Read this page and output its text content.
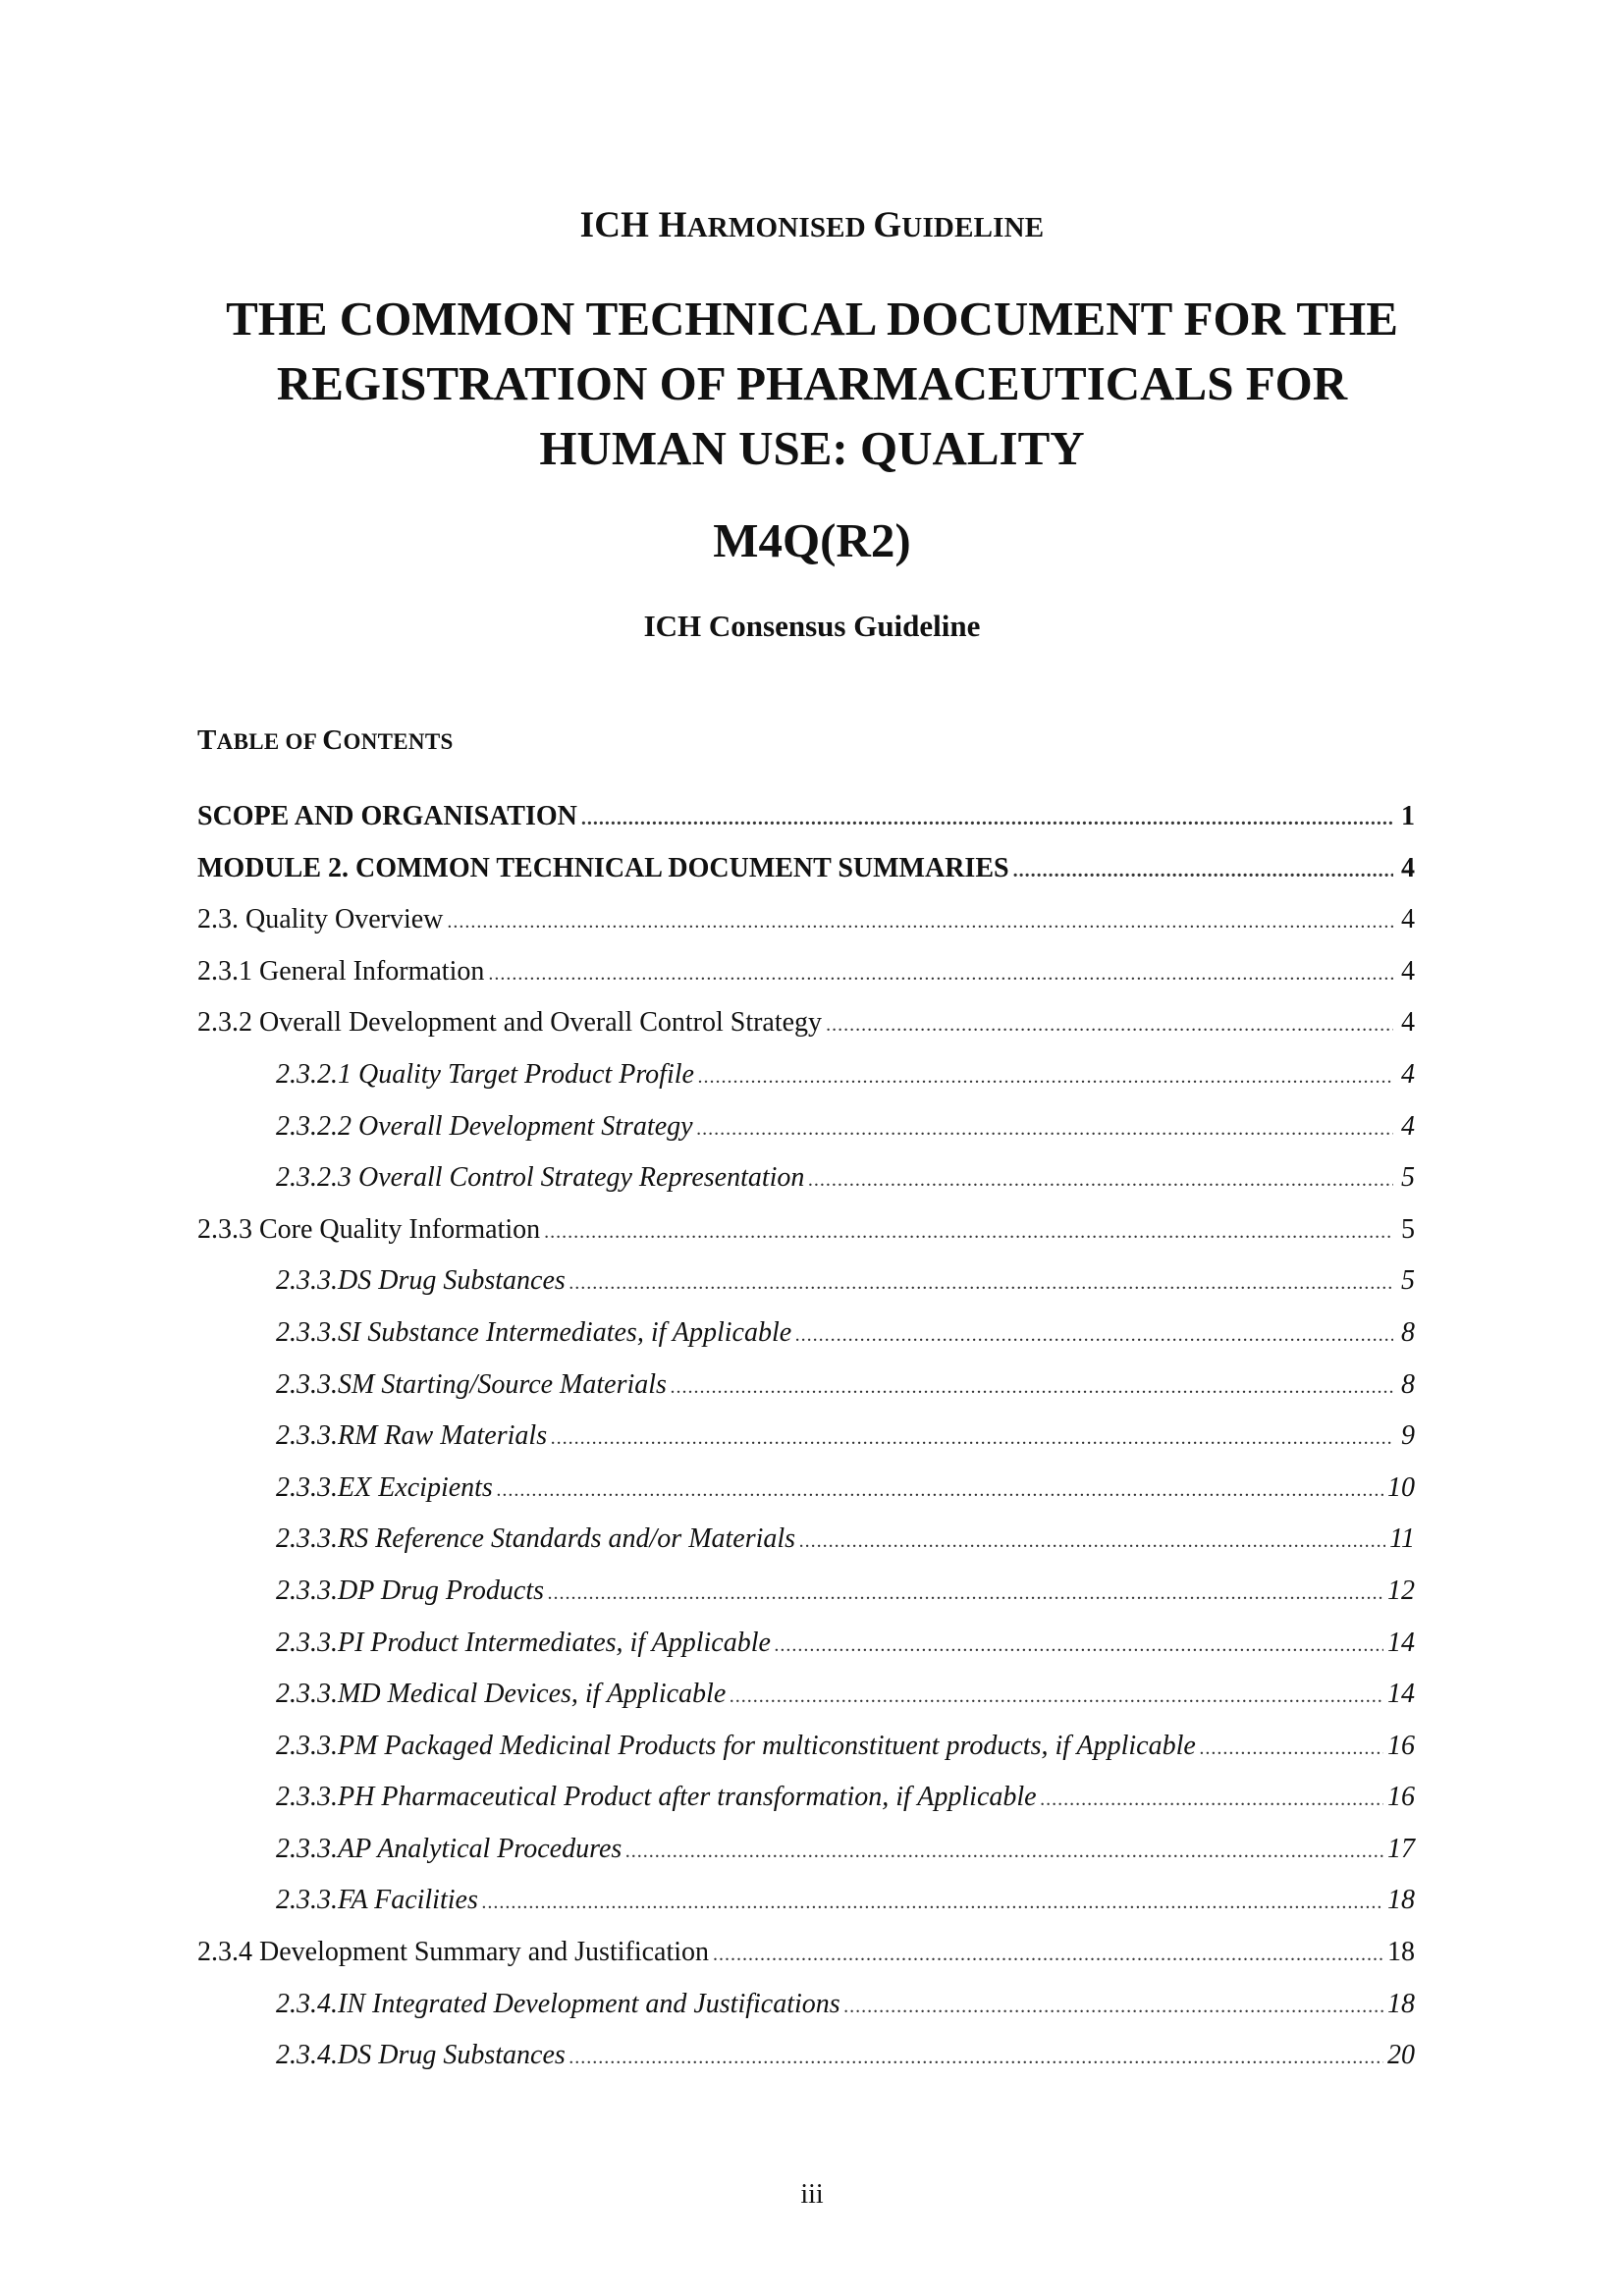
ICH HARMONISED GUIDELINE
THE COMMON TECHNICAL DOCUMENT FOR THE
REGISTRATION OF PHARMACEUTICALS FOR
HUMAN USE: QUALITY
M4Q(R2)
ICH Consensus Guideline
TABLE OF CONTENTS
SCOPE AND ORGANISATION .....	1
MODULE 2. COMMON TECHNICAL DOCUMENT SUMMARIES .....	4
2.3. Quality Overview .....	4
2.3.1 General Information .....	4
2.3.2 Overall Development and Overall Control Strategy .....	4
2.3.2.1 Quality Target Product Profile .....	4
2.3.2.2 Overall Development Strategy .....	4
2.3.2.3 Overall Control Strategy Representation .....	5
2.3.3 Core Quality Information .....	5
2.3.3.DS Drug Substances .....	5
2.3.3.SI Substance Intermediates, if Applicable .....	8
2.3.3.SM Starting/Source Materials .....	8
2.3.3.RM Raw Materials .....	9
2.3.3.EX Excipients .....	10
2.3.3.RS Reference Standards and/or Materials .....	11
2.3.3.DP Drug Products .....	12
2.3.3.PI Product Intermediates, if Applicable .....	14
2.3.3.MD Medical Devices, if Applicable .....	14
2.3.3.PM Packaged Medicinal Products for multiconstituent products, if Applicable .....	16
2.3.3.PH Pharmaceutical Product after transformation, if Applicable .....	16
2.3.3.AP Analytical Procedures .....	17
2.3.3.FA Facilities .....	18
2.3.4 Development Summary and Justification .....	18
2.3.4.IN Integrated Development and Justifications .....	18
2.3.4.DS Drug Substances .....	20
iii
